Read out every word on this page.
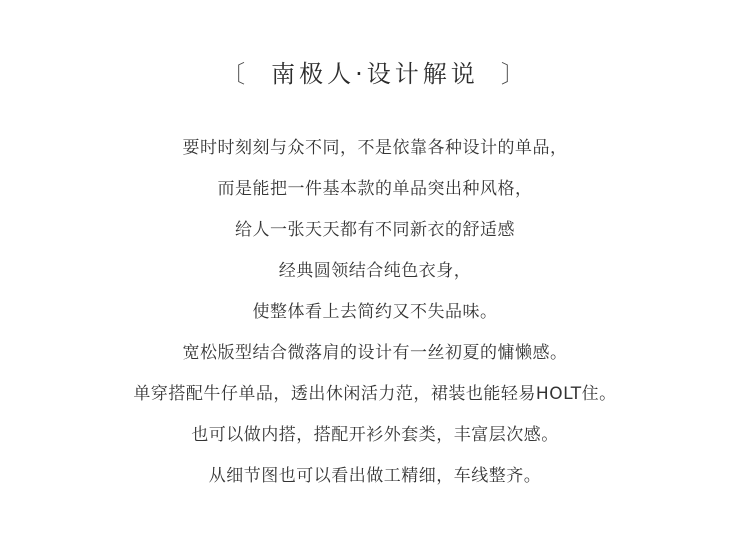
〔 南极人·设计解说 〕
要时时刻刻与众不同，不是依靠各种设计的单品，
而是能把一件基本款的单品突出种风格，
给人一张天天都有不同新衣的舒适感
经典圆领结合纯色衣身，
使整体看上去简约又不失品味。
宽松版型结合微落肩的设计有一丝初夏的慵懒感。
单穿搭配牛仔单品，透出休闲活力范，裙装也能轻易HOLT住。
也可以做内搭，搭配开衫外套类，丰富层次感。
从细节图也可以看出做工精细，车线整齐。
